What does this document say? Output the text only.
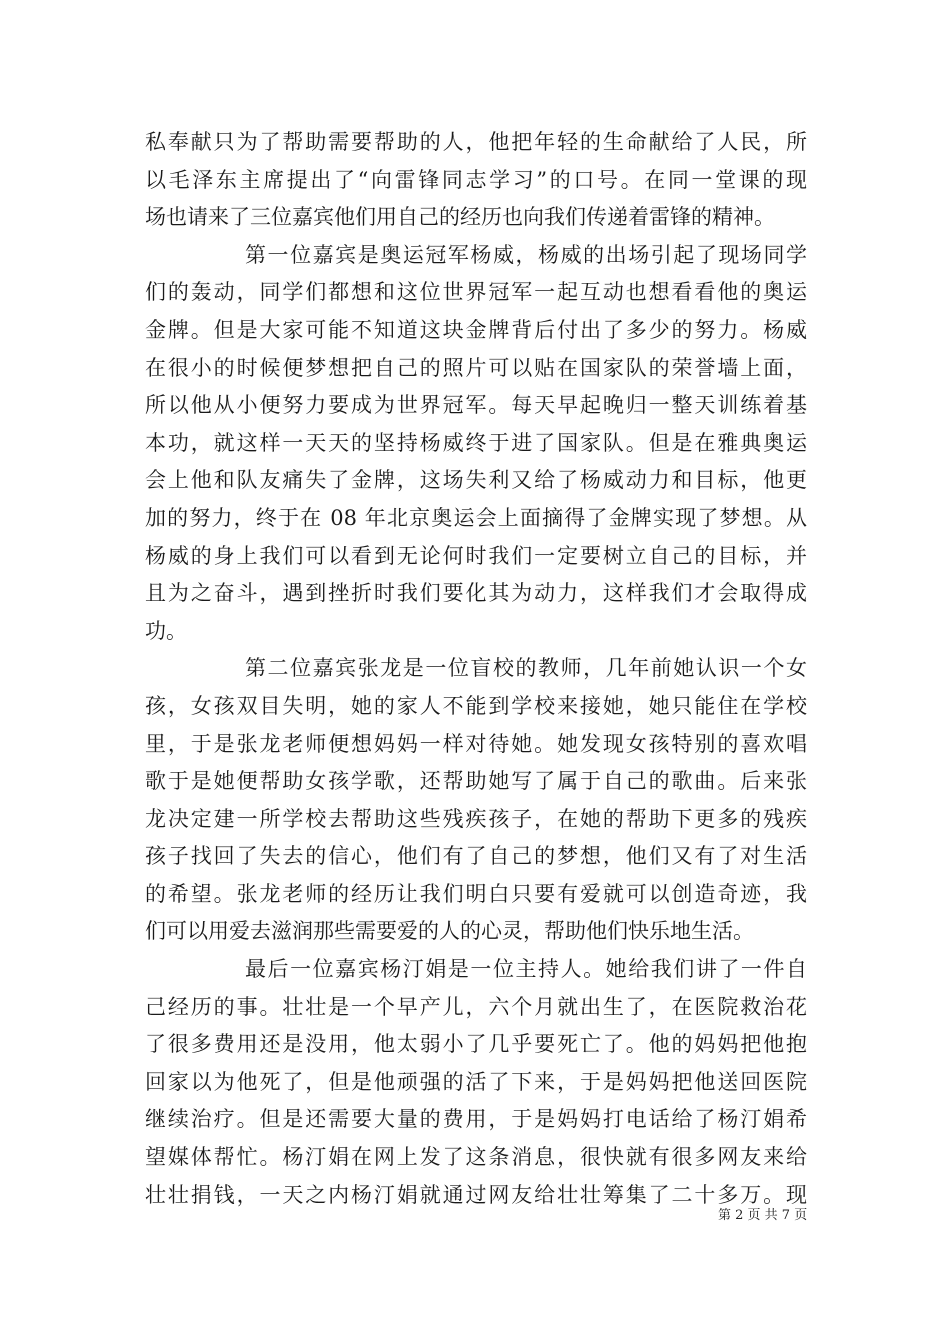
私奉献只为了帮助需要帮助的人，他把年轻的生命献给了人民，所
以毛泽东主席提出了“向雷锋同志学习”的口号。在同一堂课的现
场也请来了三位嘉宾他们用自己的经历也向我们传递着雷锋的精神。
第一位嘉宾是奥运冠军杨威，杨威的出场引起了现场同学
们的轰动，同学们都想和这位世界冠军一起互动也想看看他的奥运
金牌。但是大家可能不知道这块金牌背后付出了多少的努力。杨威
在很小的时候便梦想把自己的照片可以贴在国家队的荣誉墙上面，
所以他从小便努力要成为世界冠军。每天早起晚归一整天训练着基
本功，就这样一天天的坚持杨威终于进了国家队。但是在雅典奥运
会上他和队友痛失了金牌，这场失利又给了杨威动力和目标，他更
加的努力，终于在 08 年北京奥运会上面摘得了金牌实现了梦想。从
杨威的身上我们可以看到无论何时我们一定要树立自己的目标，并
且为之奋斗，遇到挫折时我们要化其为动力，这样我们才会取得成
功。
第二位嘉宾张龙是一位盲校的教师，几年前她认识一个女
孩，女孩双目失明，她的家人不能到学校来接她，她只能住在学校
里，于是张龙老师便想妈妈一样对待她。她发现女孩特别的喜欢唱
歌于是她便帮助女孩学歌，还帮助她写了属于自己的歌曲。后来张
龙决定建一所学校去帮助这些残疾孩子，在她的帮助下更多的残疾
孩子找回了失去的信心，他们有了自己的梦想，他们又有了对生活
的希望。张龙老师的经历让我们明白只要有爱就可以创造奇迹，我
们可以用爱去滋润那些需要爱的人的心灵，帮助他们快乐地生活。
最后一位嘉宾杨汀娟是一位主持人。她给我们讲了一件自
己经历的事。壮壮是一个早产儿，六个月就出生了，在医院救治花
了很多费用还是没用，他太弱小了几乎要死亡了。他的妈妈把他抱
回家以为他死了，但是他顽强的活了下来，于是妈妈把他送回医院
继续治疗。但是还需要大量的费用，于是妈妈打电话给了杨汀娟希
望媒体帮忙。杨汀娟在网上发了这条消息，很快就有很多网友来给
壮壮捐钱，一天之内杨汀娟就通过网友给壮壮筹集了二十多万。现
第 2 页 共 7 页
